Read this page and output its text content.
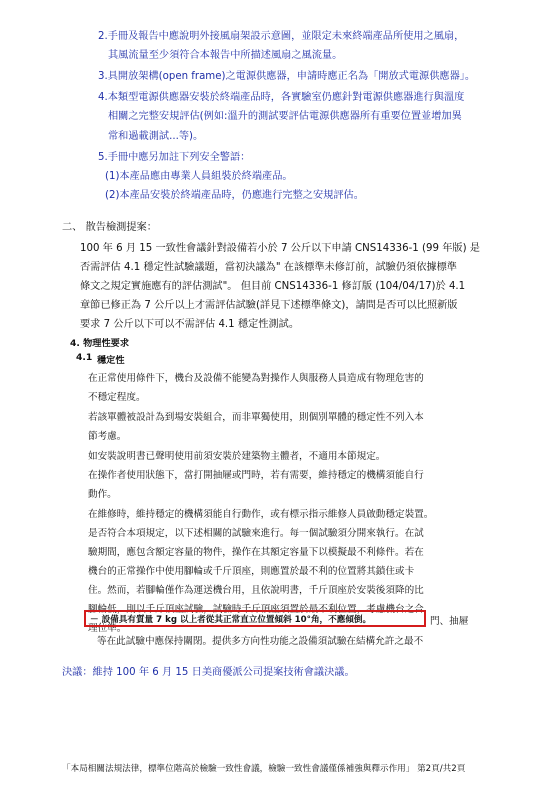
2.手冊及報告中應說明外接風扇架設示意圖，並限定未來終端產品所使用之風扇，
其風流量至少須符合本報告中所描述風扇之風流量。
3.具開放架構(open frame)之電源供應器，申請時應正名為「開放式電源供應器」。
4.本類型電源供應器安裝於終端產品時，各實驗室仍應針對電源供應器進行與溫度
相關之完整安規評估(例如:溫升的測試要評估電源供應器所有重要位置並增加異
常和過載測試...等)。
5.手冊中應另加註下列安全警語：
(1)本產品應由專業人員組裝於終端產品。
(2)本產品安裝於終端產品時，仍應進行完整之安規評估。
二、 散告檢測提案：
100 年 6 月 15 一致性會議針對設備若小於 7 公斤以下申請 CNS14336-1 (99 年版) 是
否需評估 4.1 穩定性試驗議題，當初決議為" 在該標準未修訂前，試驗仍須依據標準
條文之規定實施應有的評估測試"。 但目前 CNS14336-1 修訂版 (104/04/17)於 4.1
章節已修正為 7 公斤以上才需評估試驗(詳見下述標準條文)，請問是否可以比照新版
要求 7 公斤以下可以不需評估 4.1 穩定性測試。
4. 物理性要求
4.1 穩定性
在正常使用條件下，機台及設備不能變為對操作人與服務人員造成有物理危害的
不穩定程度。
若該單體被設計為到場安裝組合，而非單獨使用，則個別單體的穩定性不列入本
節考慮。
如安裝說明書已聲明使用前須安裝於建築物主體者，不適用本節規定。
在操作者使用狀態下，當打開抽屜或門時，若有需要，維持穩定的機構須能自行
動作。
在維修時，維持穩定的機構須能自行動作，或有標示指示維修人員啟動穩定裝置。
是否符合本項規定，以下述相關的試驗來進行。每一個試驗須分開來執行。在試
驗期間，應包含額定容量的物件，操作在其額定容量下以模擬最不利條件。若在
機台的正常操作中使用腳輪或千斤頂座，則應置於最不利的位置將其鎖住或卡
住。然而，若腳輪僅作為運送機台用，且依說明書，千斤頂座於安裝後須降的比
腳輪低，則以千斤頂座試驗，試驗時千斤頂座須置於最不利位置，考慮機台之合
理位準。
－ 設備具有質量 7 kg 以上者從其正常直立位置傾斜 10°角，不應傾倒。	門、抽屜
等在此試驗中應保持關閉。提供多方向性功能之設備須試驗在結構允許之最不
決議：維持 100 年 6 月 15 日美商優派公司提案技術會議決議。
「本局相關法規法律，標準位階高於檢驗一致性會議，檢驗一致性會議僅係補強與釋示作用」 第2頁/共2頁
